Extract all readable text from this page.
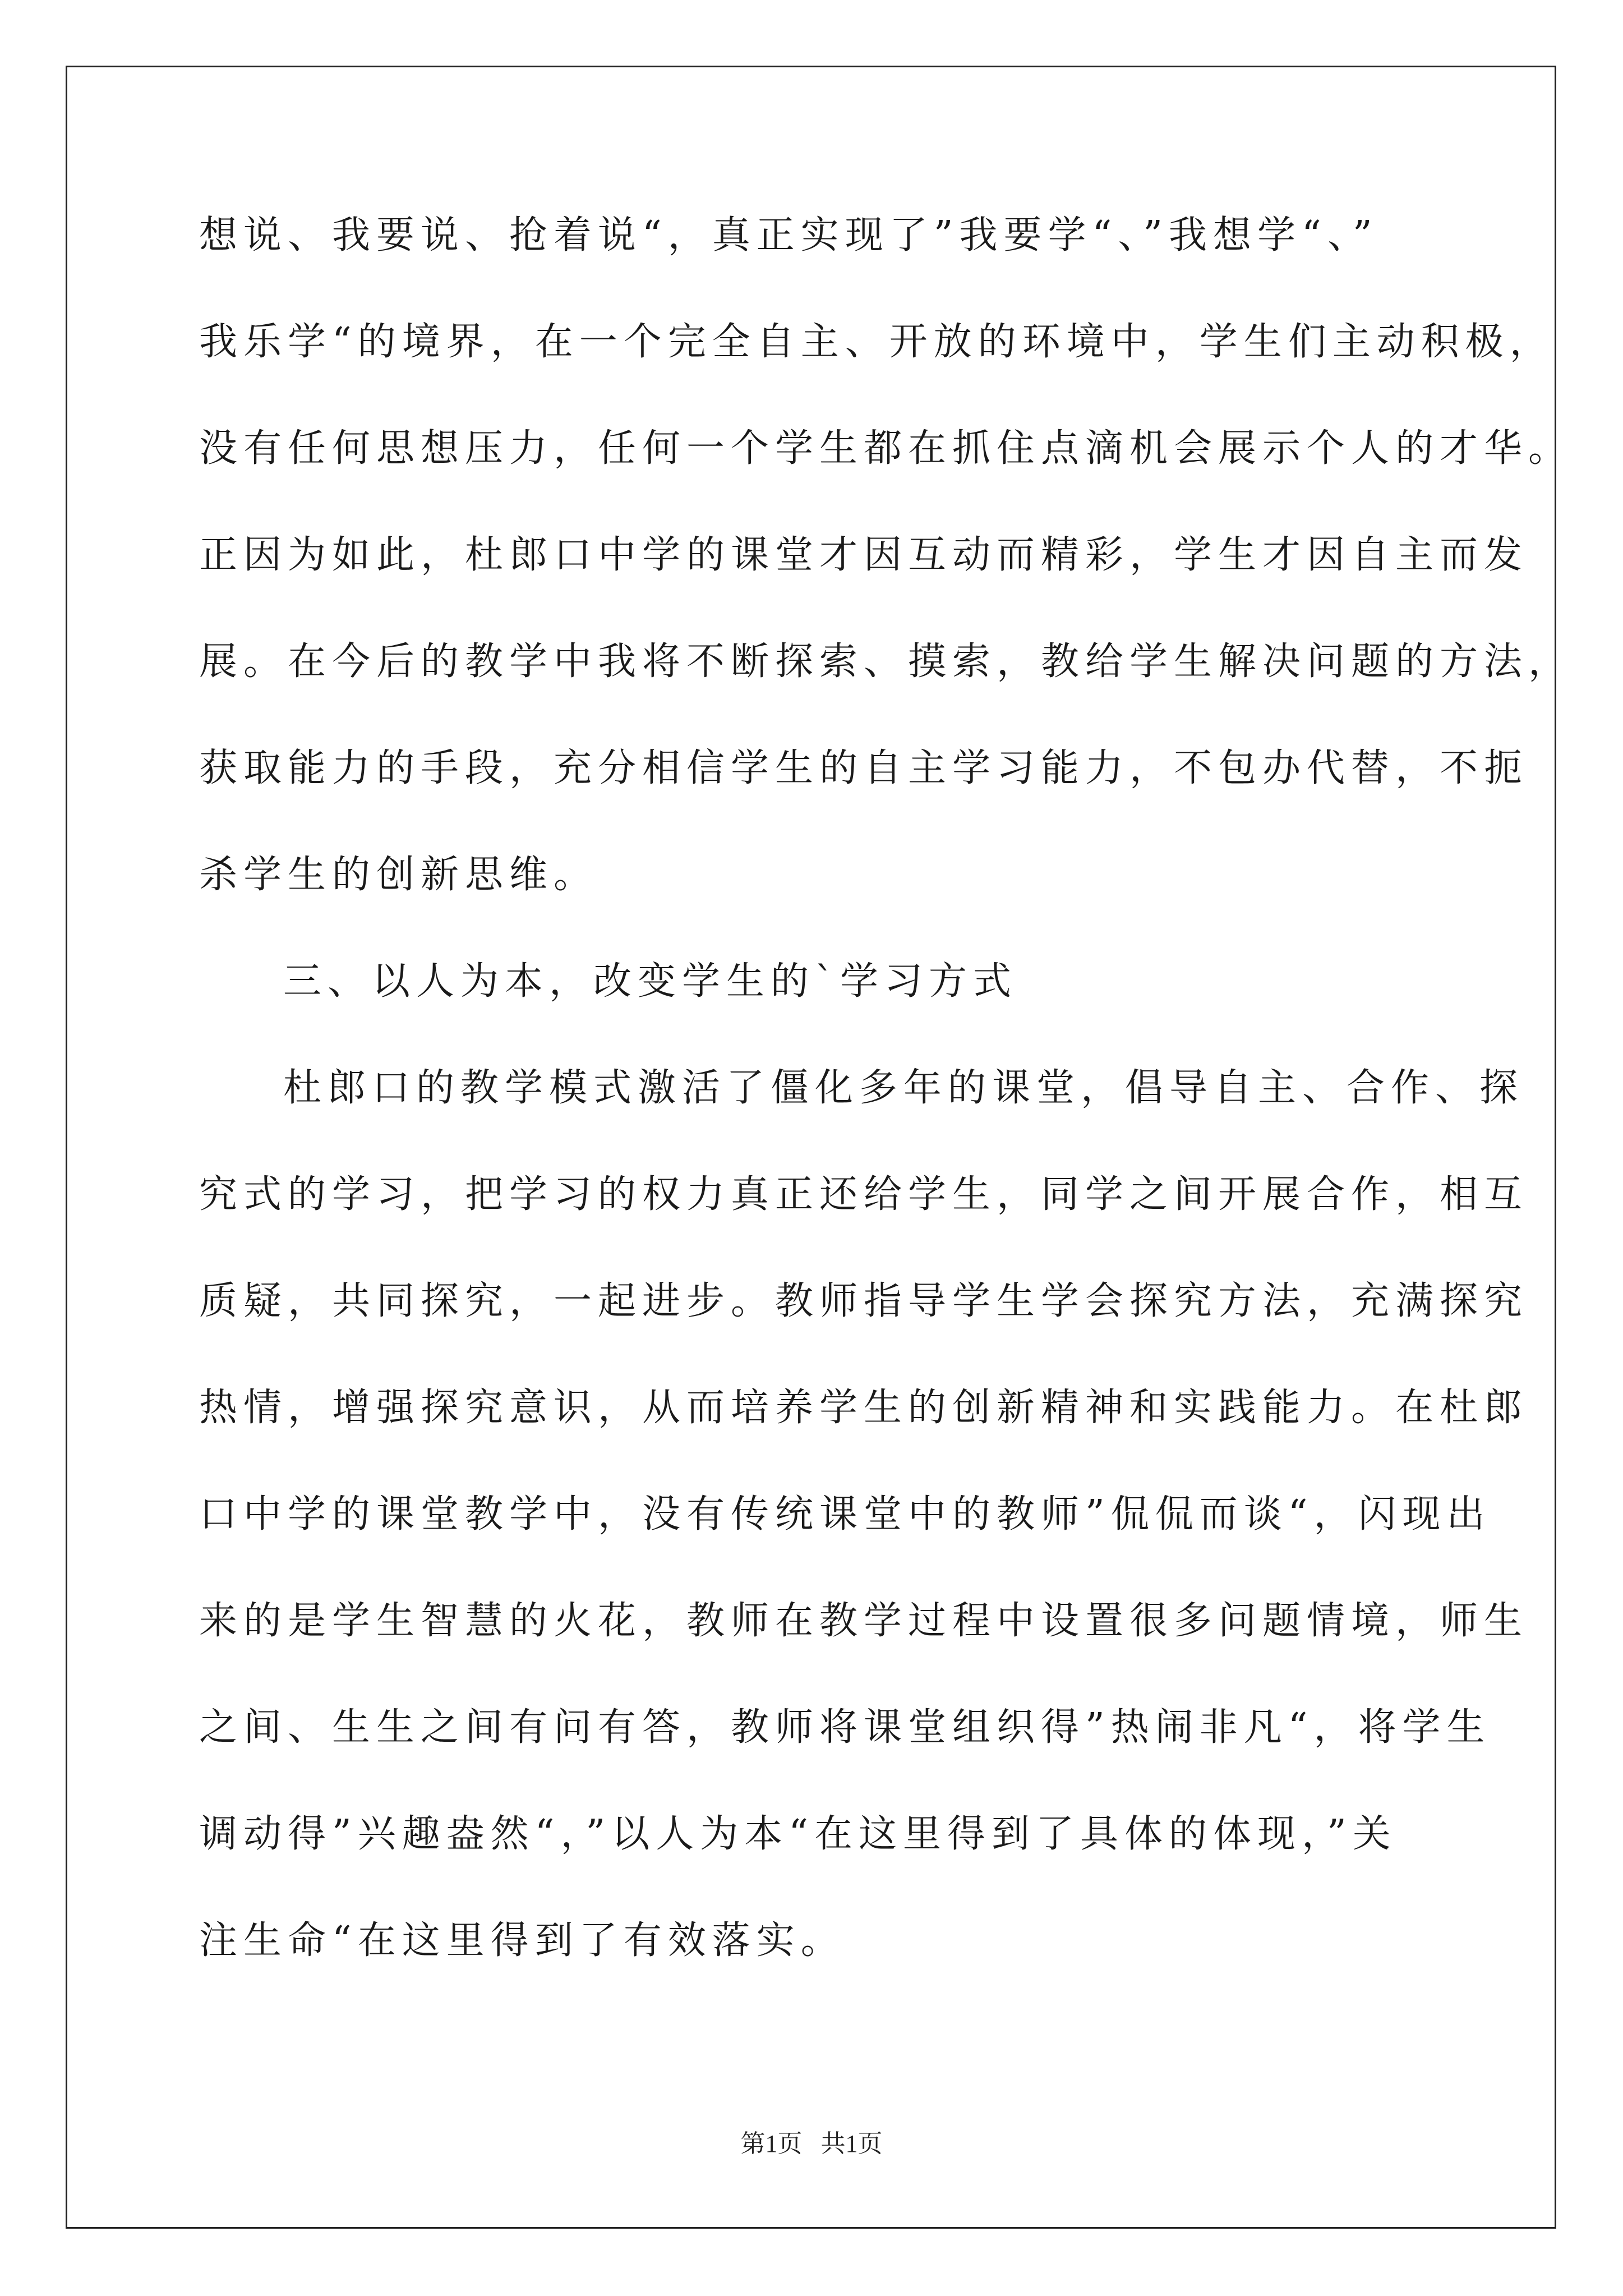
想说、我要说、抢着说“，真正实现了”我要学“、”我想学“、”
我乐学“的境界，在一个完全自主、开放的环境中，学生们主动积极，
没有任何思想压力，任何一个学生都在抓住点滴机会展示个人的才华。
正因为如此，杜郎口中学的课堂才因互动而精彩，学生才因自主而发
展。在今后的教学中我将不断探索、摸索，教给学生解决问题的方法，
获取能力的手段，充分相信学生的自主学习能力，不包办代替，不扼
杀学生的创新思维。
三、以人为本，改变学生的`学习方式
杜郎口的教学模式激活了僵化多年的课堂，倡导自主、合作、探
究式的学习，把学习的权力真正还给学生，同学之间开展合作，相互
质疑，共同探究，一起进步。教师指导学生学会探究方法，充满探究
热情，增强探究意识，从而培养学生的创新精神和实践能力。在杜郎
口中学的课堂教学中，没有传统课堂中的教师”侃侃而谈“，闪现出
来的是学生智慧的火花，教师在教学过程中设置很多问题情境，师生
之间、生生之间有问有答，教师将课堂组织得”热闹非凡“，将学生
调动得”兴趣盎然“，”以人为本“在这里得到了具体的体现，”关
注生命“在这里得到了有效落实。
第1页   共1页
